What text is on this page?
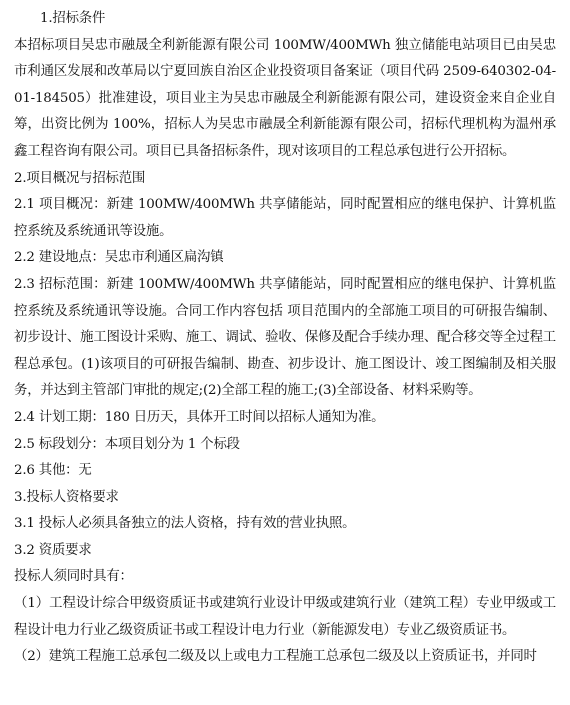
1.招标条件

本招标项目吴忠市融晟全利新能源有限公司 100MW/400MWh 独立储能电站项目已由吴忠市利通区发展和改革局以宁夏回族自治区企业投资项目备案证（项目代码 2509-640302-04-01-184505）批准建设，项目业主为吴忠市融晟全利新能源有限公司，建设资金来自企业自筹，出资比例为 100%，招标人为吴忠市融晟全利新能源有限公司，招标代理机构为温州承鑫工程咨询有限公司。项目已具备招标条件，现对该项目的工程总承包进行公开招标。

2.项目概况与招标范围

2.1 项目概况：新建 100MW/400MWh 共享储能站，同时配置相应的继电保护、计算机监控系统及系统通讯等设施。

2.2 建设地点：吴忠市利通区扁沟镇

2.3 招标范围：新建 100MW/400MWh 共享储能站，同时配置相应的继电保护、计算机监控系统及系统通讯等设施。合同工作内容包括 项目范围内的全部施工项目的可研报告编制、初步设计、施工图设计采购、施工、调试、验收、保修及配合手续办理、配合移交等全过程工程总承包。(1)该项目的可研报告编制、勘查、初步设计、施工图设计、竣工图编制及相关服务，并达到主管部门审批的规定;(2)全部工程的施工;(3)全部设备、材料采购等。

2.4 计划工期：180 日历天，具体开工时间以招标人通知为准。

2.5 标段划分：本项目划分为 1 个标段

2.6 其他：无

3.投标人资格要求

3.1 投标人必须具备独立的法人资格，持有效的营业执照。

3.2 资质要求

投标人须同时具有：

（1）工程设计综合甲级资质证书或建筑行业设计甲级或建筑行业（建筑工程）专业甲级或工程设计电力行业乙级资质证书或工程设计电力行业（新能源发电）专业乙级资质证书。

（2）建筑工程施工总承包二级及以上或电力工程施工总承包二级及以上资质证书，并同时
